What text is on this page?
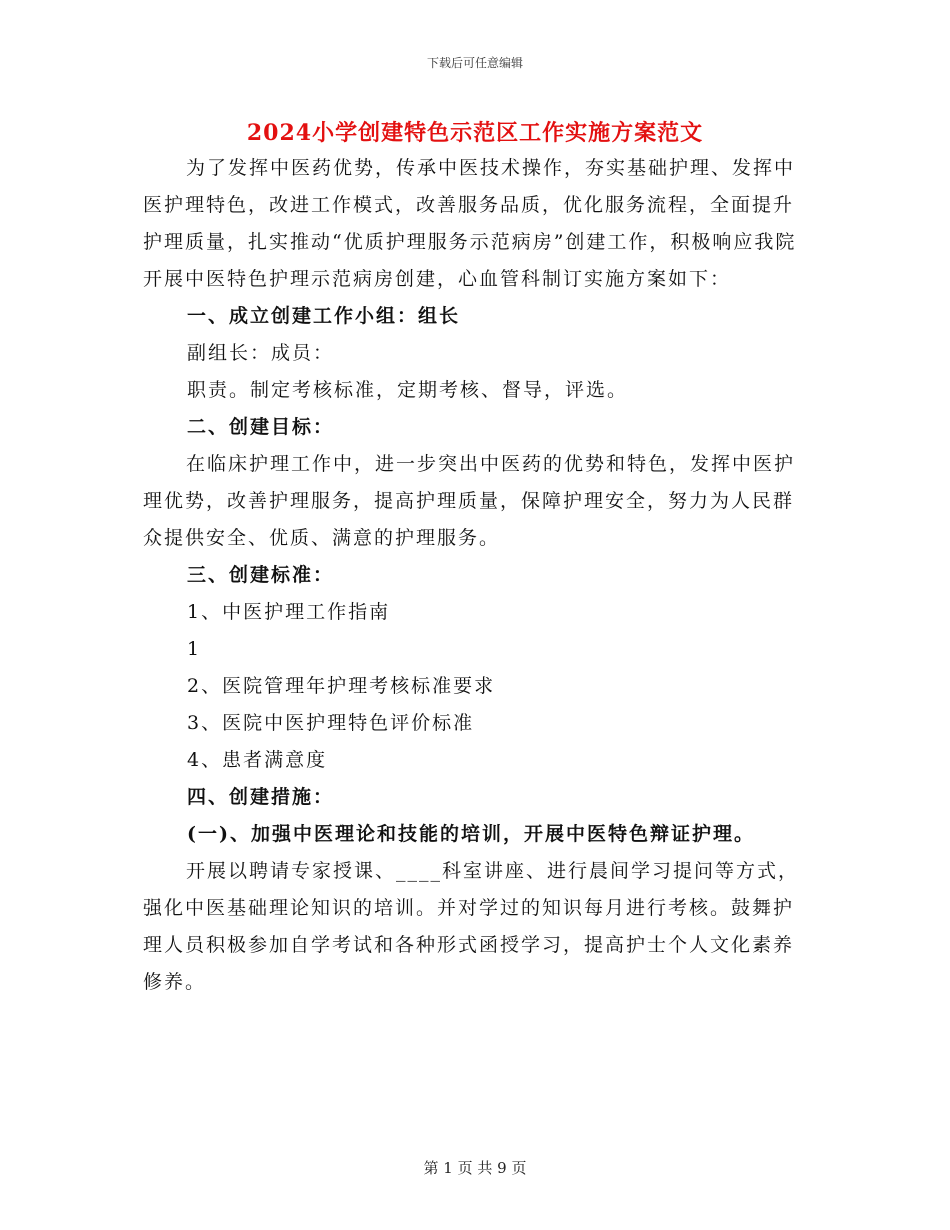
下载后可任意编辑
2024小学创建特色示范区工作实施方案范文

为了发挥中医药优势，传承中医技术操作，夯实基础护理、发挥中医护理特色，改进工作模式，改善服务品质，优化服务流程，全面提升护理质量，扎实推动“优质护理服务示范病房”创建工作，积极响应我院开展中医特色护理示范病房创建，心血管科制订实施方案如下：

一、成立创建工作小组：组长

副组长：成员：

职责。制定考核标准，定期考核、督导，评选。

二、创建目标：

在临床护理工作中，进一步突出中医药的优势和特色，发挥中医护理优势，改善护理服务，提高护理质量，保障护理安全，努力为人民群众提供安全、优质、满意的护理服务。

三、创建标准：

1、中医护理工作指南

1

2、医院管理年护理考核标准要求

3、医院中医护理特色评价标准

4、患者满意度

四、创建措施：

(一)、加强中医理论和技能的培训，开展中医特色辩证护理。

开展以聘请专家授课、____科室讲座、进行晨间学习提问等方式，强化中医基础理论知识的培训。并对学过的知识每月进行考核。鼓舞护理人员积极参加自学考试和各种形式函授学习，提高护士个人文化素养修养。

第 1 页 共 9 页
